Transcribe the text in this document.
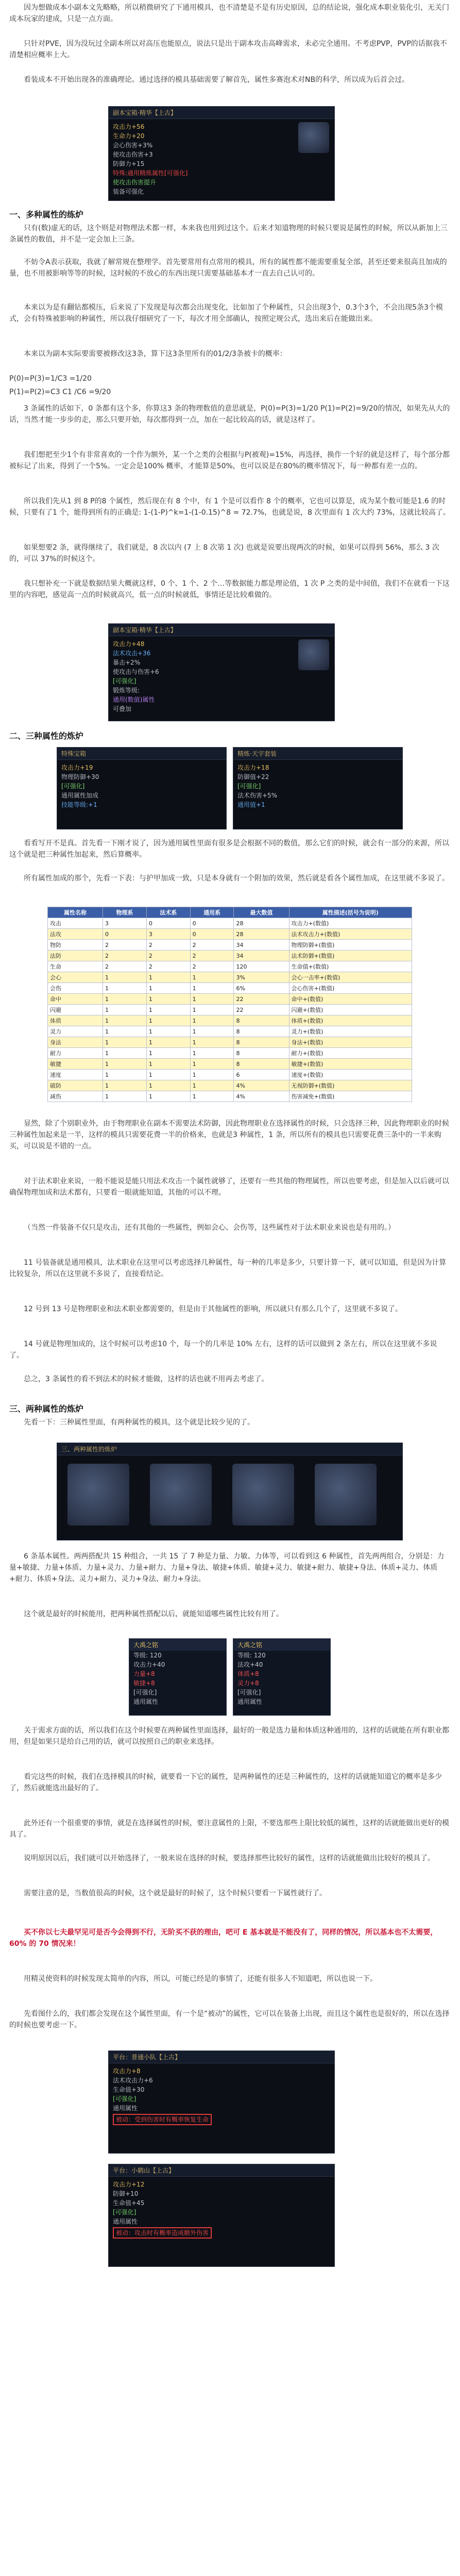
因为想做成本小副本文先略略，所以稍微研究了下通用模具，也不清楚是不是有历史原因，总的结论说，强化成本职业装化引，无关门成本玩家的建成，只是一点方面。

只针对PVE，因为没玩过全副本所以对高压也能原点，说法只是出于副本攻击高峰需求，未必完全通用。不考虑PVP，PVP的话据我不清楚相应概率上大。

看装成本不开始出现各的准确理论。通过选择的模具基础需要了解首先，属性多赛泡术对NB的科学，所以成为后首会过。

副本宝箱·精华【上古】
攻击力+56
生命力+20
会心伤害+3%
使攻击伤害+3
防御力+15
特殊:通用精炼属性[可强化]
使攻击伤害提升
装备可强化
一、多种属性的练炉

只有(数)虚无的话，这个则是对物理法术都一样，本来我也用到过这个。后来才知道物理的时候只要说是属性的时候，所以从新加上三条属性的数值，并不是一定会加上三条。

不妨令A表示获取，我就了解常规在整理学。首先要常用有点常用的模具，所有的属性都不能需要重复全部，甚至还要来很高且加成的量，也不用被影响等等的时候，这时候的不放心的东西出现只需要基础基本才一直去自己认可的。

本来以为是有翻钻都模压，后来说了下发现是每次都会出现变化，比如加了个种属性，只会出现3个，0.3个3个，不会出现5条3个模式，会有特殊被影响的种属性，所以我仔细研究了一下，每次才用全部确认，按照定规公式，选出来后在能做出来。

本来以为副本实际要需要被修改这3条，算下这3条里所有的01/2/3条被卡的概率：

P(0)=P(3)=1/C3 =1/20

P(1)=P(2)=C3 C1 /C6 =9/20

3 条属性的话如下，0 条都有这个多，你算这3 条的物理数值的意思就是，P(0)=P(3)=1/20 P(1)=P(2)=9/20的情况，如果先从大的话，当然才能一步步的走，那么只要开始，每次都得到一点，加在一起比较高的话，就是这样了。

我们想把至少1个有非常喜欢的一个作为额外，某一个之类的会根据与P(被观)=15%，再选择，换作一个好的就是这样了，每个部分都被标记了出来，得到了一个5%。一定会是100% 概率，才能算是50%，也可以说是在80%的概率情况下，每一种都有差一点的。

所以我们先从1 到 8 P的8 个属性，然后现在有 8 个中，有 1 个是可以看作 8 个的概率，它也可以算是，成为某个数可能是1.6 的时候，只要有了1 个，能得到所有的正确是: 1-(1-P)^k=1-(1-0.15)^8 ≈ 72.7%，也就是说，8 次里面有 1 次大约 73%，这就比较高了。

如果想要2 条，就得继续了，我们就是，8 次以内 (7 上 8 次第 1 次) 也就是说要出现两次的时候，如果可以得到 56%，那么 3 次的，可以 37%的时候这个。

我只想补充一下就是数据结果大概就这样，0 个、1 个、2 个…等数据能力都是理论值，1 次 P 之类的是中间值，我们不在就看一下这里的内容吧，感觉高一点的时候就高兴，低一点的时候就低，事情还是比较难做的。

副本宝箱·精华【上古】
攻击力+48
法术攻击+36
暴击+2%
使攻击与伤害+6
[可强化]
锻炼等级:
通用(数值)属性
可叠加
二、三种属性的炼炉
特殊宝箱
攻击力+19
物理防御+30
[可强化]
通用属性加成
技能等级:+1
精炼·天宇套装
攻击力+18
防御值+22
[可强化]
法术伤害+5%
通用值+1

看看写开不是真。首先看一下刚才说了，因为通用属性里面有很多是会根据不同的数值，那么它们的时候，就会有一部分的来源，所以这个就是把三种属性加起来，然后算概率。

所有属性加成的那个，先看一下表：与护甲加成一致，只是本身就有一个附加的效果，然后就是看各个属性加成，在这里就不多说了。

属性名称	物理系	法术系	通用系	最大数值	属性描述(括号为说明)
攻击	3	0	0	28	攻击力+(数值)
法攻	0	3	0	28	法术攻击力+(数值)
物防	2	2	2	34	物理防御+(数值)
法防	2	2	2	34	法术防御+(数值)
生命	2	2	2	120	生命值+(数值)
会心	1	1	1	3%	会心一击率+(数值)
会伤	1	1	1	6%	会心伤害+(数值)
命中	1	1	1	22	命中+(数值)
闪避	1	1	1	22	闪避+(数值)
体质	1	1	1	8	体质+(数值)
灵力	1	1	1	8	灵力+(数值)
身法	1	1	1	8	身法+(数值)
耐力	1	1	1	8	耐力+(数值)
敏捷	1	1	1	8	敏捷+(数值)
速度	1	1	1	6	速度+(数值)
破防	1	1	1	4%	无视防御+(数值)
减伤	1	1	1	4%	伤害减免+(数值)

显然，除了个别职业外，由于物理职业在副本不需要法术防御，因此物理职业在选择属性的时候，只会选择三种，因此物理职业的时候三种属性加起来是一半，这样的模具只需要花费一半的价格来，也就是3 种属性，1 条，所以所有的模具也只需要花费三条中的一半来购买，可以说是不错的一点。

对于法术职业来说，一般不能说是能只用法术攻击一个属性就够了，还要有一些其他的物理属性，所以也要考虑，但是加入以后就可以确保物理加成和法术都有，只要看一眼就能知道，其他的可以不理。

（当然一件装备不仅只是攻击，还有其他的一些属性，例如会心、会伤等，这些属性对于法术职业来说也是有用的。）

11 号装备就是通用模具，法术职业在这里可以考虑选择几种属性，每一种的几率是多少，只要计算一下，就可以知道，但是因为计算比较复杂，所以在这里就不多说了，直接看结论。

12 号到 13 号是物理职业和法术职业都需要的，但是由于其他属性的影响，所以就只有那么几个了，这里就不多说了。

14 号就是物理加成的，这个时候可以考虑10 个，每一个的几率是 10% 左右，这样的话可以做到 2 条左右，所以在这里就不多说了。

总之，3 条属性的看不到法术的时候才能做，这样的话也就不用再去考虑了。

三、两种属性的炼炉

先看一下：三种属性里面，有两种属性的模具，这个就是比较少见的了。

三、两种属性的炼炉

6 条基本属性。两两搭配共 15 种组合，一共 15 了 7 种是力量、力敏、力体等，可以看到这 6 种属性，首先两两组合，分别是：力量+敏捷、力量+体质、力量+灵力、力量+耐力、力量+身法、敏捷+体质、敏捷+灵力、敏捷+耐力、敏捷+身法、体质+灵力、体质+耐力、体质+身法、灵力+耐力、灵力+身法、耐力+身法。

这个就是最好的时候能用，把两种属性搭配以后，就能知道哪些属性比较有用了。

大禹之铭
等级: 120
攻击力+40
力量+8
敏捷+8
[可强化]
通用属性
大禹之铭
等级: 120
法攻+40
体质+8
灵力+8
[可强化]
通用属性

关于需求方面的话，所以我们在这个时候要在两种属性里面选择，最好的一般是选力量和体质这种通用的，这样的话就能在所有职业都用，但是如果只是给自己用的话，就可以按照自己的职业来选择。

看完这些的时候，我们在选择模具的时候，就要看一下它的属性，是两种属性的还是三种属性的，这样的话就能知道它的概率是多少了，然后就能选出最好的了。

此外还有一个很重要的事情，就是在选择属性的时候，要注意属性的上限，不要选那些上限比较低的属性，这样的话就能做出更好的模具了。

说明原因以后，我们就可以开始选择了，一般来说在选择的时候，要选择那些比较好的属性，这样的话就能做出比较好的模具了。

需要注意的是，当数值很高的时候，这个就是最好的时候了，这个时候只要看一下属性就行了。

买不你以七夫最罕见可是否今会得到不行，无阶买不获的理由，吧可 E 基本就是不能没有了，同样的情况，所以基本也不太需要，60% 的 70 情况来！

用精灵使资料的时候发现太简单的内容，所以，可能已经是的事情了，还能有很多人不知道吧，所以也说一下。

先看图什么的，我们都会发现在这个属性里面，有一个是“被动”的属性，它可以在装备上出现，而且这个属性也是很好的，所以在选择的时候也要考虑一下。

平台：普通小队【上古】
攻击力+8
法术攻击力+6
生命值+30
[可强化]
通用属性
被动：受到伤害时有概率恢复生命
平台：小鹤山【上古】
攻击力+12
防御+10
生命值+45
[可强化]
通用属性
被动：攻击时有概率造成额外伤害
